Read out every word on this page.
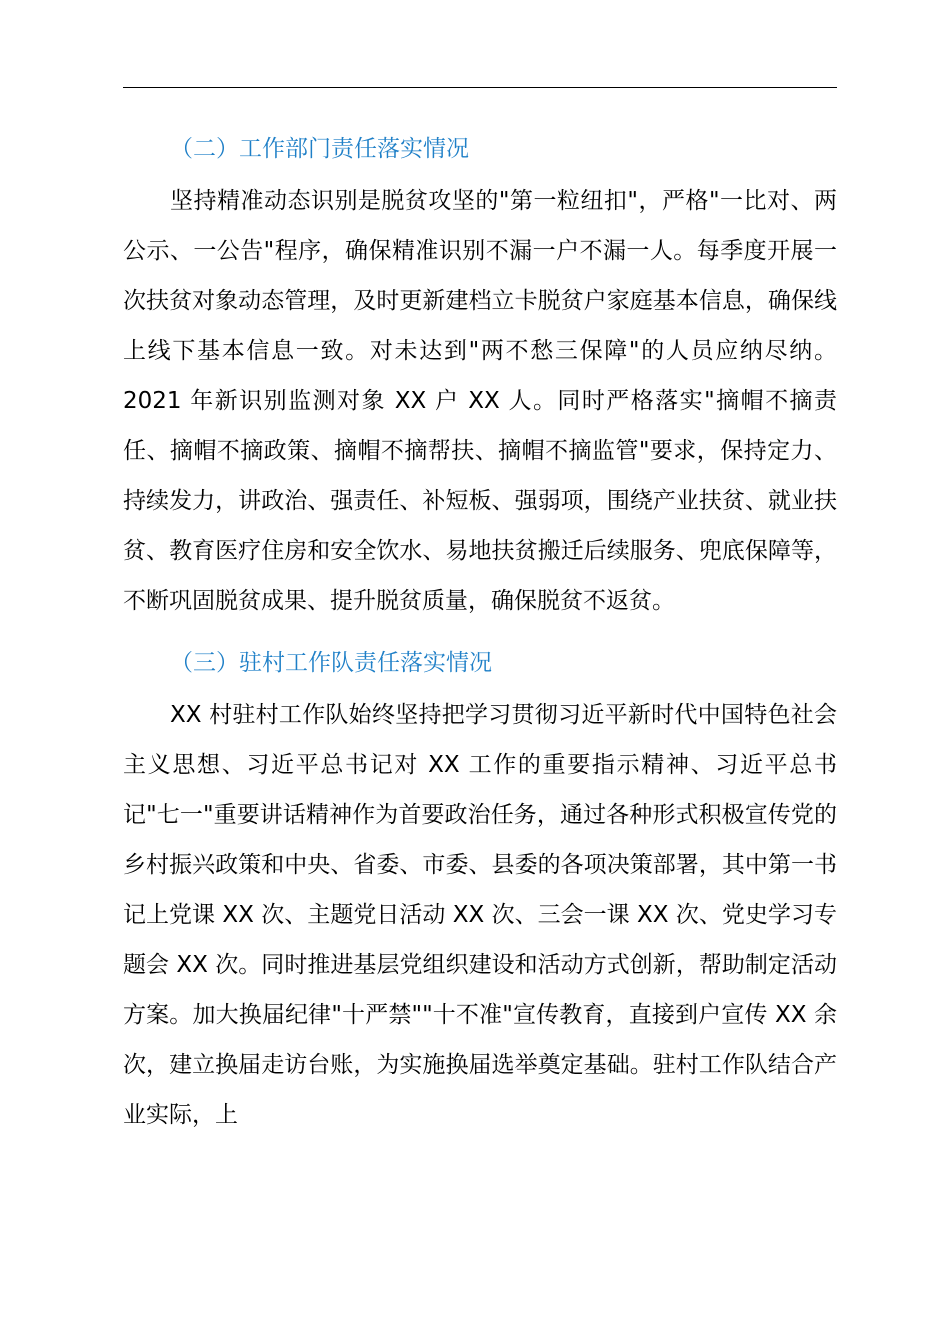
（二）工作部门责任落实情况

坚持精准动态识别是脱贫攻坚的"第一粒纽扣"，严格"一比对、两公示、一公告"程序，确保精准识别不漏一户不漏一人。每季度开展一次扶贫对象动态管理，及时更新建档立卡脱贫户家庭基本信息，确保线上线下基本信息一致。对未达到"两不愁三保障"的人员应纳尽纳。2021 年新识别监测对象 XX 户 XX 人。同时严格落实"摘帽不摘责任、摘帽不摘政策、摘帽不摘帮扶、摘帽不摘监管"要求，保持定力、持续发力，讲政治、强责任、补短板、强弱项，围绕产业扶贫、就业扶贫、教育医疗住房和安全饮水、易地扶贫搬迁后续服务、兜底保障等，不断巩固脱贫成果、提升脱贫质量，确保脱贫不返贫。

（三）驻村工作队责任落实情况

XX 村驻村工作队始终坚持把学习贯彻习近平新时代中国特色社会主义思想、习近平总书记对 XX 工作的重要指示精神、习近平总书记"七一"重要讲话精神作为首要政治任务，通过各种形式积极宣传党的乡村振兴政策和中央、省委、市委、县委的各项决策部署，其中第一书记上党课 XX 次、主题党日活动 XX 次、三会一课 XX 次、党史学习专题会 XX 次。同时推进基层党组织建设和活动方式创新，帮助制定活动方案。加大换届纪律"十严禁""十不准"宣传教育，直接到户宣传 XX 余次，建立换届走访台账，为实施换届选举奠定基础。驻村工作队结合产业实际，上
